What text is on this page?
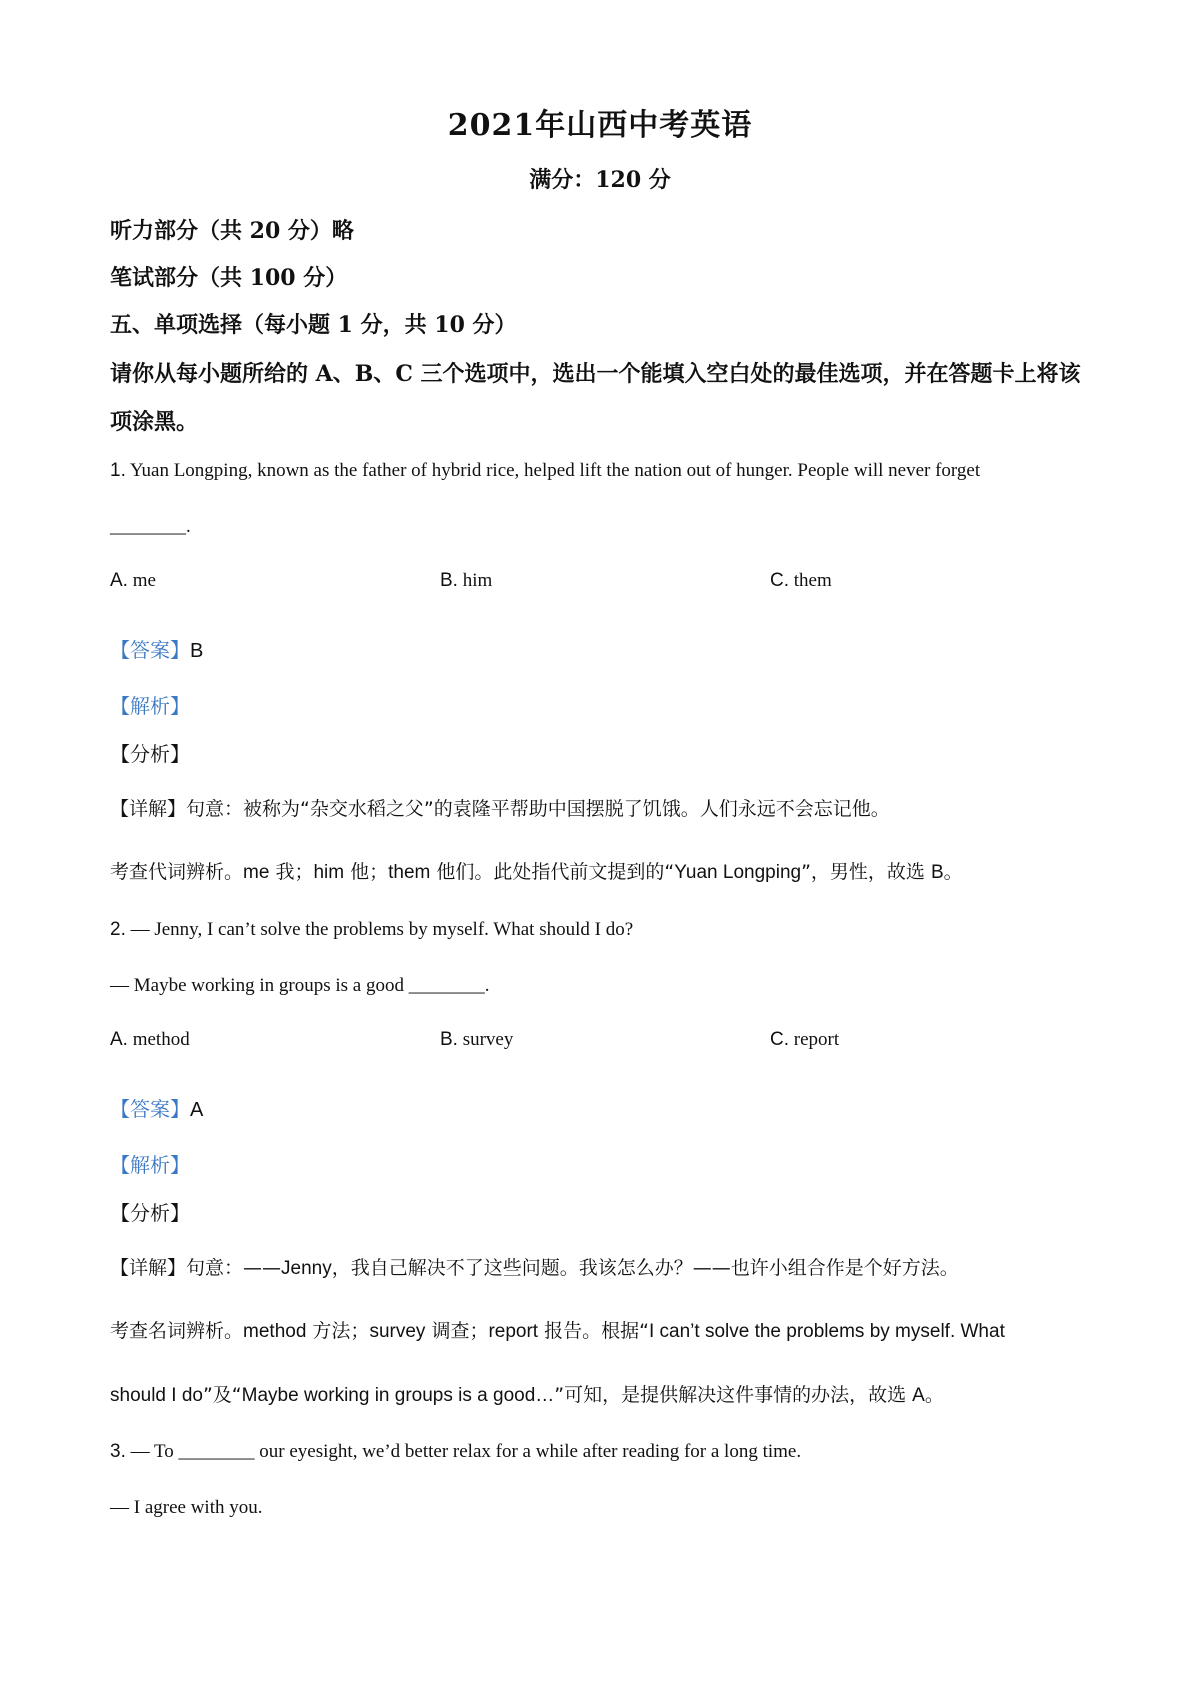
2021年山西中考英语
满分：120 分
听力部分（共 20 分）略
笔试部分（共 100 分）
五、单项选择（每小题 1 分，共 10 分）
请你从每小题所给的 A、B、C 三个选项中，选出一个能填入空白处的最佳选项，并在答题卡上将该项涂黑。
1. Yuan Longping, known as the father of hybrid rice, helped lift the nation out of hunger. People will never forget
________.
A. me	B. him	C. them
【答案】B
【解析】
【分析】
【详解】句意：被称为“杂交水稻之父”的袁隆平帮助中国摆脱了饥饿。人们永远不会忘记他。
考查代词辨析。me 我；him 他；them 他们。此处指代前文提到的“Yuan Longping”，男性，故选 B。
2. — Jenny, I can’t solve the problems by myself. What should I do?
— Maybe working in groups is a good ________.
A. method	B. survey	C. report
【答案】A
【解析】
【分析】
【详解】句意：——Jenny，我自己解决不了这些问题。我该怎么办？——也许小组合作是个好方法。
考查名词辨析。method 方法；survey 调查；report 报告。根据“I can’t solve the problems by myself. What
should I do”及“Maybe working in groups is a good…”可知，是提供解决这件事情的办法，故选 A。
3. — To ________ our eyesight, we’d better relax for a while after reading for a long time.
— I agree with you.
